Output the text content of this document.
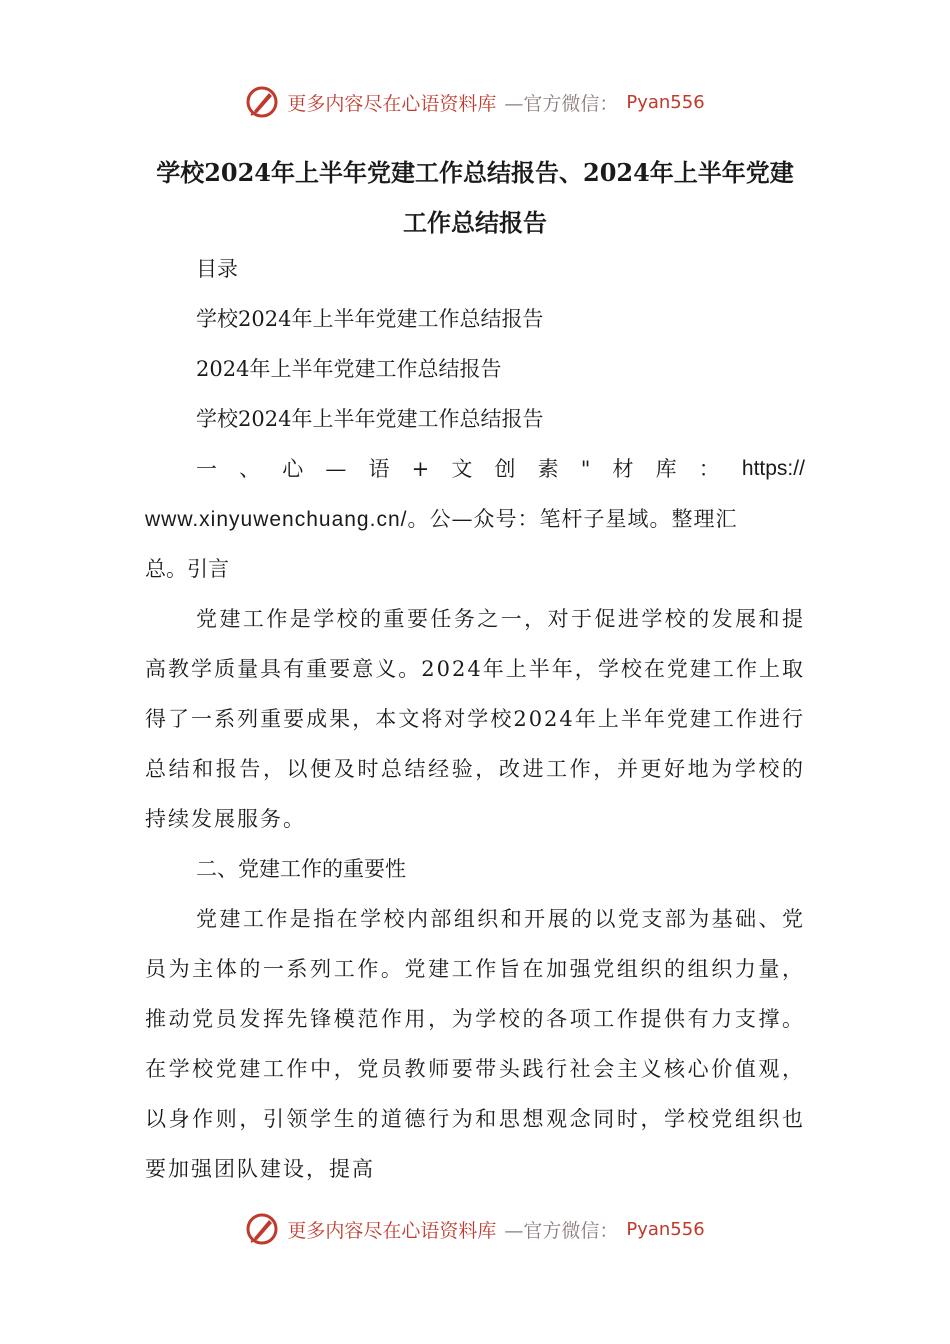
更多内容尽在心语资料库 —官方微信： Pyan556
学校2024年上半年党建工作总结报告、2024年上半年党建工作总结报告
目录
学校2024年上半年党建工作总结报告
2024年上半年党建工作总结报告
学校2024年上半年党建工作总结报告
一 、 心 — 语 + 文 创 素 " 材 库 ： https://
www.xinyuwenchuang.cn/。公—众号：笔杆子星域。整理汇
总。引言
党建工作是学校的重要任务之一，对于促进学校的发展和提高教学质量具有重要意义。2024年上半年，学校在党建工作上取得了一系列重要成果，本文将对学校2024年上半年党建工作进行总结和报告，以便及时总结经验，改进工作，并更好地为学校的持续发展服务。
二、党建工作的重要性
党建工作是指在学校内部组织和开展的以党支部为基础、党员为主体的一系列工作。党建工作旨在加强党组织的组织力量，推动党员发挥先锋模范作用，为学校的各项工作提供有力支撑。在学校党建工作中，党员教师要带头践行社会主义核心价值观，以身作则，引领学生的道德行为和思想观念同时，学校党组织也要加强团队建设，提高
更多内容尽在心语资料库 —官方微信： Pyan556
